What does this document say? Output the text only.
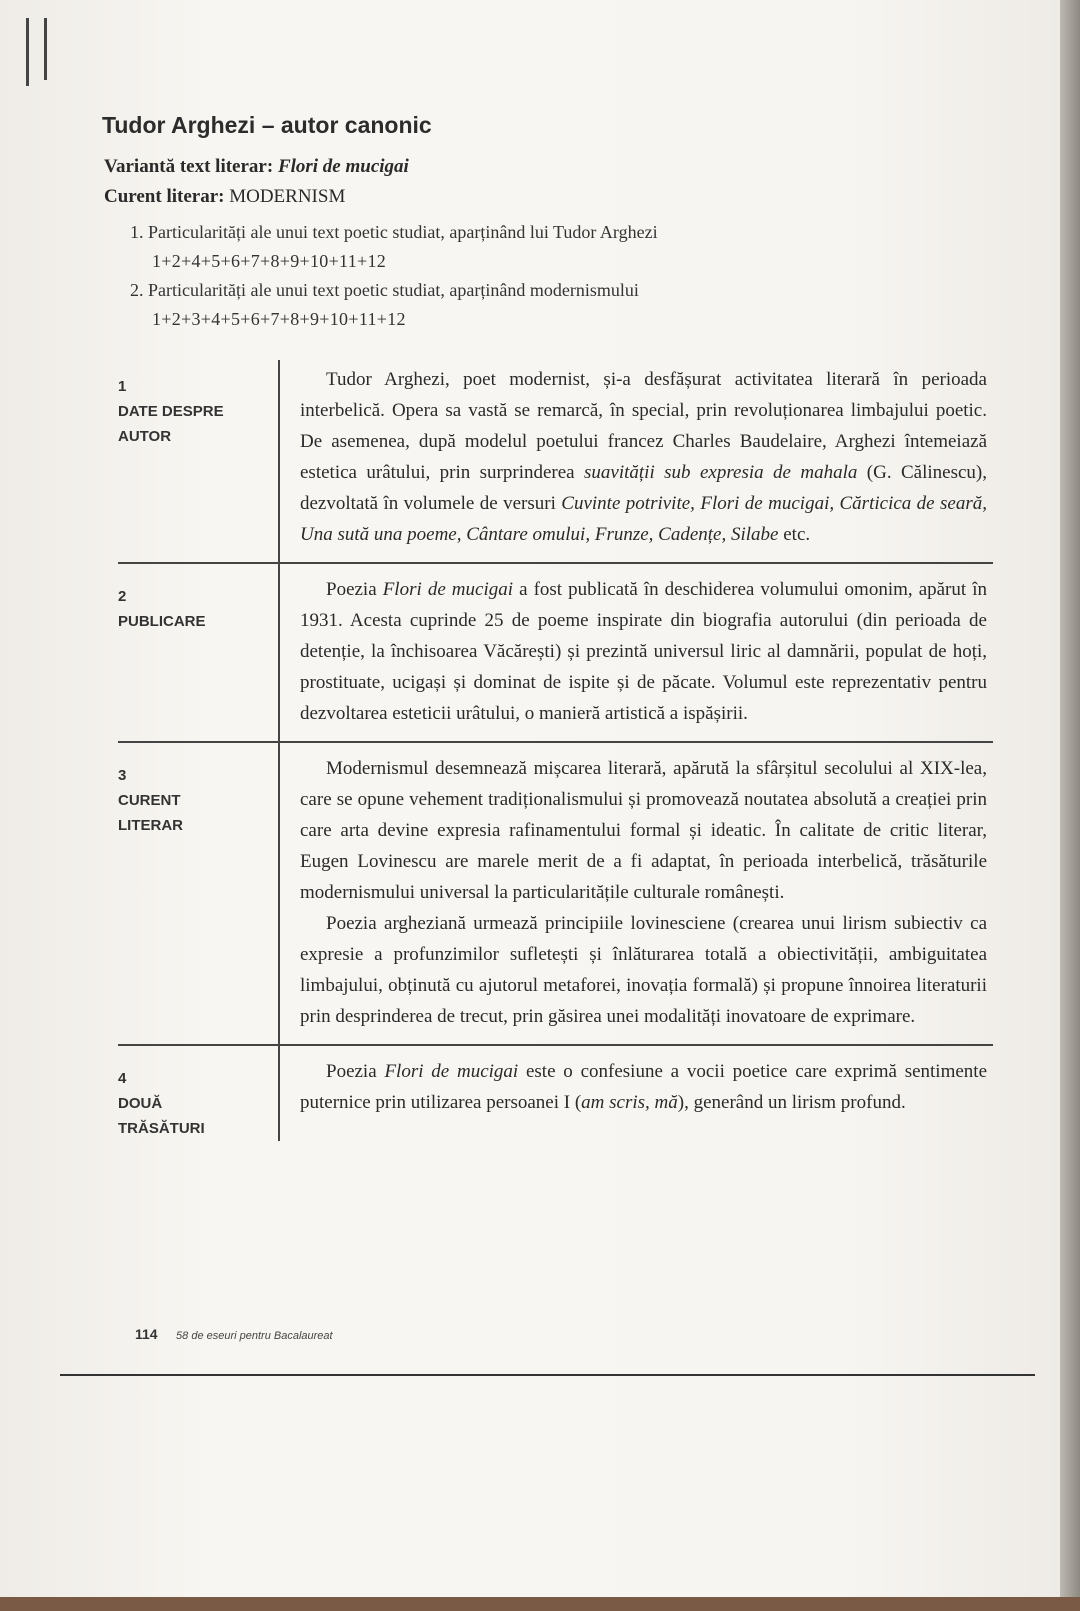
Tudor Arghezi – autor canonic
Variantă text literar: Flori de mucigai
Curent literar: MODERNISM
1. Particularități ale unui text poetic studiat, aparținând lui Tudor Arghezi
1+2+4+5+6+7+8+9+10+11+12
2. Particularități ale unui text poetic studiat, aparținând modernismului
1+2+3+4+5+6+7+8+9+10+11+12
1
DATE DESPRE
AUTOR

Tudor Arghezi, poet modernist, și-a desfășurat activitatea literară în perioada interbelică. Opera sa vastă se remarcă, în special, prin revoluționarea limbajului poetic. De asemenea, după modelul poetului francez Charles Baudelaire, Arghezi întemeiază estetica urâtului, prin surprinderea suavității sub expresia de mahala (G. Călinescu), dezvoltată în volumele de versuri Cuvinte potrivite, Flori de mucigai, Cărticica de seară, Una sută una poeme, Cântare omului, Frunze, Cadențe, Silabe etc.

2
PUBLICARE

Poezia Flori de mucigai a fost publicată în deschiderea volumului omonim, apărut în 1931. Acesta cuprinde 25 de poeme inspirate din biografia autorului (din perioada de detenție, la închisoarea Văcărești) și prezintă universul liric al damnării, populat de hoți, prostituate, ucigași și dominat de ispite și de păcate. Volumul este reprezentativ pentru dezvoltarea esteticii urâtului, o manieră artistică a ispășirii.

3
CURENT
LITERAR

Modernismul desemnează mișcarea literară, apărută la sfârșitul secolului al XIX-lea, care se opune vehement tradiționalismului și promovează noutatea absolută a creației prin care arta devine expresia rafinamentului formal și ideatic. În calitate de critic literar, Eugen Lovinescu are marele merit de a fi adaptat, în perioada interbelică, trăsăturile modernismului universal la particularitățile culturale românești.

Poezia argheziană urmează principiile lovinesciene (crearea unui lirism subiectiv ca expresie a profunzimilor sufletești și înlăturarea totală a obiectivității, ambiguitatea limbajului, obținută cu ajutorul metaforei, inovația formală) și propune înnoirea literaturii prin desprinderea de trecut, prin găsirea unei modalități inovatoare de exprimare.

4
DOUĂ
TRĂSĂTURI

Poezia Flori de mucigai este o confesiune a vocii poetice care exprimă sentimente puternice prin utilizarea persoanei I (am scris, mă), generând un lirism profund.

114 58 de eseuri pentru Bacalaureat
